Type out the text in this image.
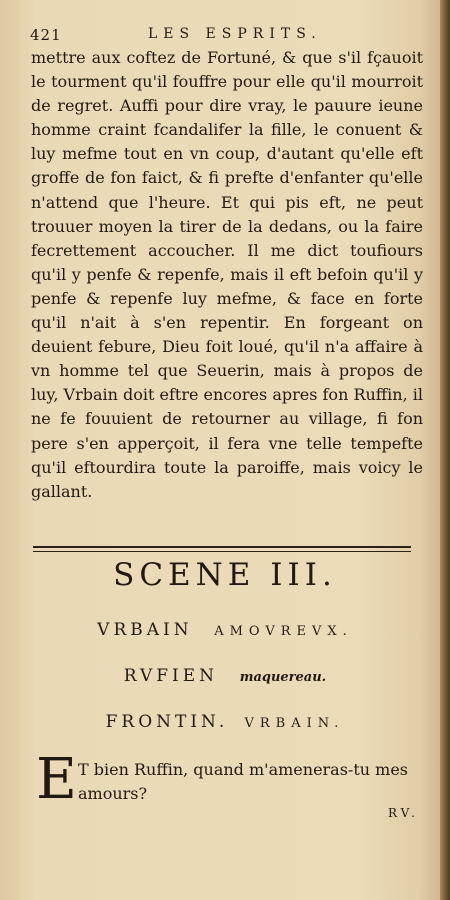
421	LES ESPRITS.

mettre aux coftez de Fortuné, & que s'il fçauoit le tourment qu'il fouffre pour elle qu'il mourroit de regret. Auffi pour dire vray, le pauure ieune homme craint fcandalifer la fille, le conuent & luy mefme tout en vn coup, d'autant qu'elle eft groffe de fon faict, & fi prefte d'enfanter qu'elle n'attend que l'heure. Et qui pis eft, ne peut trouuer moyen la tirer de la dedans, ou la faire fecrettement accoucher. Il me dict toufiours qu'il y penfe & repenfe, mais il eft befoin qu'il y penfe & repenfe luy mefme, & face en forte qu'il n'ait à s'en repentir. En forgeant on deuient febure, Dieu foit loué, qu'il n'a affaire à vn homme tel que Seuerin, mais à propos de luy, Vrbain doit eftre encores apres fon Ruffin, il ne fe fouuient de retourner au village, fi fon pere s'en apperçoit, il fera vne telle tempefte qu'il eftourdira toute la paroiffe, mais voicy le gallant.

SCENE III.
VRBAIN AMOVREVX.
RVFIEN maquereau.
FRONTIN. VRBAIN.
E T bien Ruffin, quand m'ameneras-tu mes amours?

RV.
